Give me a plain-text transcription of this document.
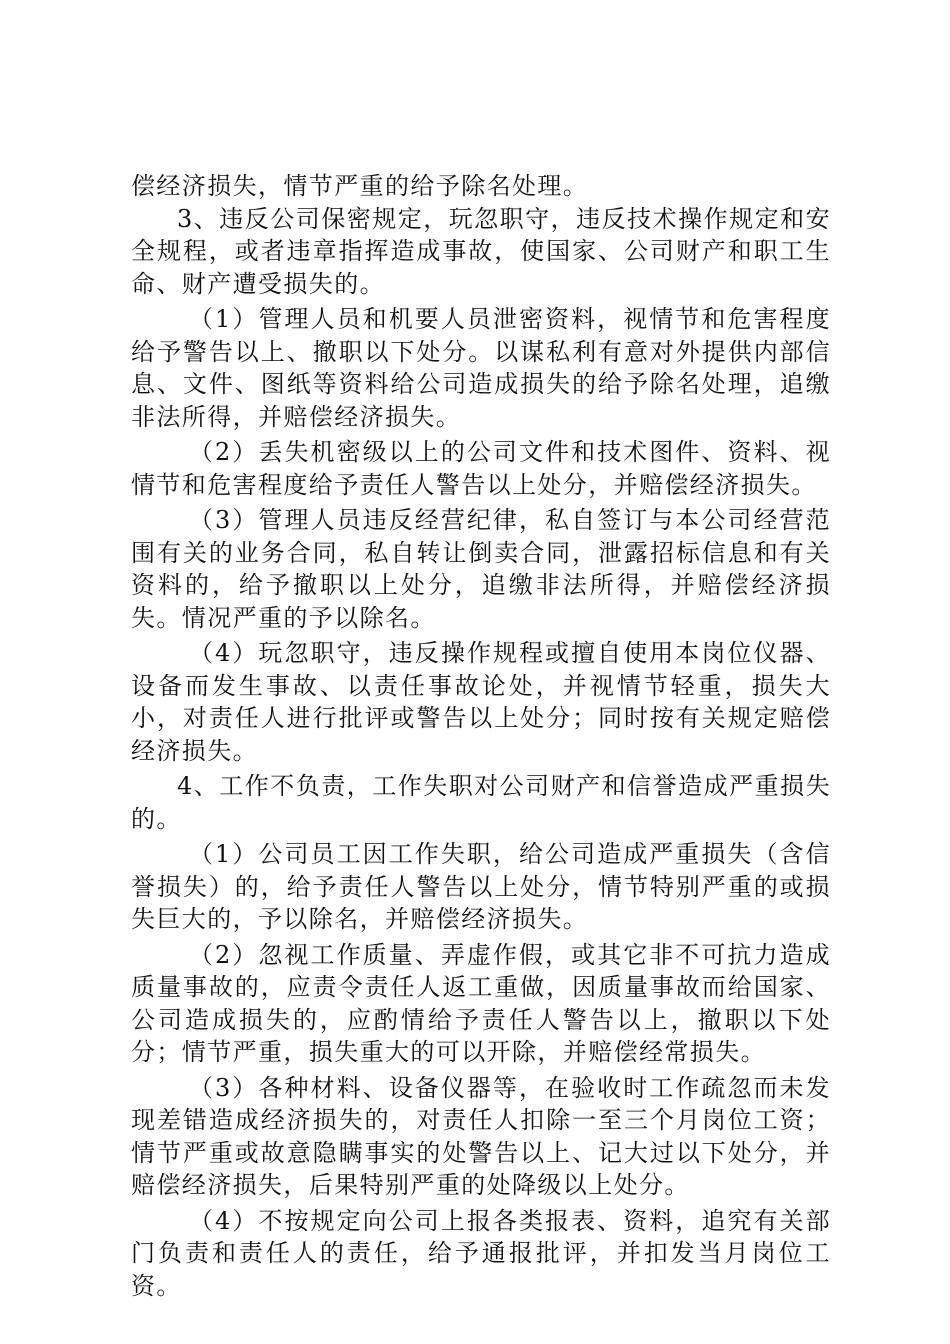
偿经济损失，情节严重的给予除名处理。

3、违反公司保密规定，玩忽职守，违反技术操作规定和安全规程，或者违章指挥造成事故，使国家、公司财产和职工生命、财产遭受损失的。

（1）管理人员和机要人员泄密资料，视情节和危害程度给予警告以上、撤职以下处分。以谋私利有意对外提供内部信息、文件、图纸等资料给公司造成损失的给予除名处理，追缴非法所得，并赔偿经济损失。

（2）丢失机密级以上的公司文件和技术图件、资料、视情节和危害程度给予责任人警告以上处分，并赔偿经济损失。

（3）管理人员违反经营纪律，私自签订与本公司经营范围有关的业务合同，私自转让倒卖合同，泄露招标信息和有关资料的，给予撤职以上处分，追缴非法所得，并赔偿经济损失。情况严重的予以除名。

（4）玩忽职守，违反操作规程或擅自使用本岗位仪器、设备而发生事故、以责任事故论处，并视情节轻重，损失大小，对责任人进行批评或警告以上处分；同时按有关规定赔偿经济损失。

4、工作不负责，工作失职对公司财产和信誉造成严重损失的。

（1）公司员工因工作失职，给公司造成严重损失（含信誉损失）的，给予责任人警告以上处分，情节特别严重的或损失巨大的，予以除名，并赔偿经济损失。

（2）忽视工作质量、弄虚作假，或其它非不可抗力造成质量事故的，应责令责任人返工重做，因质量事故而给国家、公司造成损失的，应酌情给予责任人警告以上，撤职以下处分；情节严重，损失重大的可以开除，并赔偿经常损失。

（3）各种材料、设备仪器等，在验收时工作疏忽而未发现差错造成经济损失的，对责任人扣除一至三个月岗位工资；情节严重或故意隐瞒事实的处警告以上、记大过以下处分，并赔偿经济损失，后果特别严重的处降级以上处分。

（4）不按规定向公司上报各类报表、资料，追究有关部门负责和责任人的责任，给予通报批评，并扣发当月岗位工资。
